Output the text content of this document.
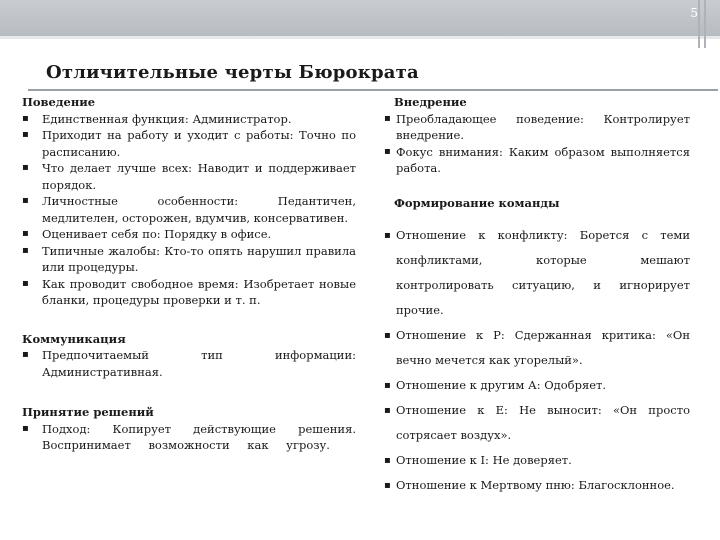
5
Отличительные черты Бюрократа

Поведение

▪ Единственная функция: Администратор.
▪ Приходит на работу и уходит с работы: Точно по расписанию.
▪ Что делает лучше всех: Наводит и поддерживает порядок.
▪ Личностные особенности: Педантичен, медлителен, осторожен, вдумчив, консервативен.
▪ Оценивает себя по: Порядку в офисе.
▪ Типичные жалобы: Кто-то опять нарушил правила или процедуры.
▪ Как проводит свободное время: Изобретает новые бланки, процедуры проверки и т. п.

Коммуникация

▪ Предпочитаемый тип информации: Административная.

Принятие решений

▪ Подход: Копирует действующие решения. Воспринимает возможности как угрозу.

Внедрение

▪ Преобладающее поведение: Контролирует внедрение.
▪ Фокус внимания: Каким образом выполняется работа.

Формирование команды

▪ Отношение к конфликту: Борется с теми конфликтами, которые мешают контролировать ситуацию, и игнорирует прочие.
▪ Отношение к Р: Сдержанная критика: «Он вечно мечется как угорелый».
▪ Отношение к другим А: Одобряет.
▪ Отношение к Е: Не выносит: «Он просто сотрясает воздух».
▪ Отношение к I: Не доверяет.
▪ Отношение к Мертвому пню: Благосклонное.
